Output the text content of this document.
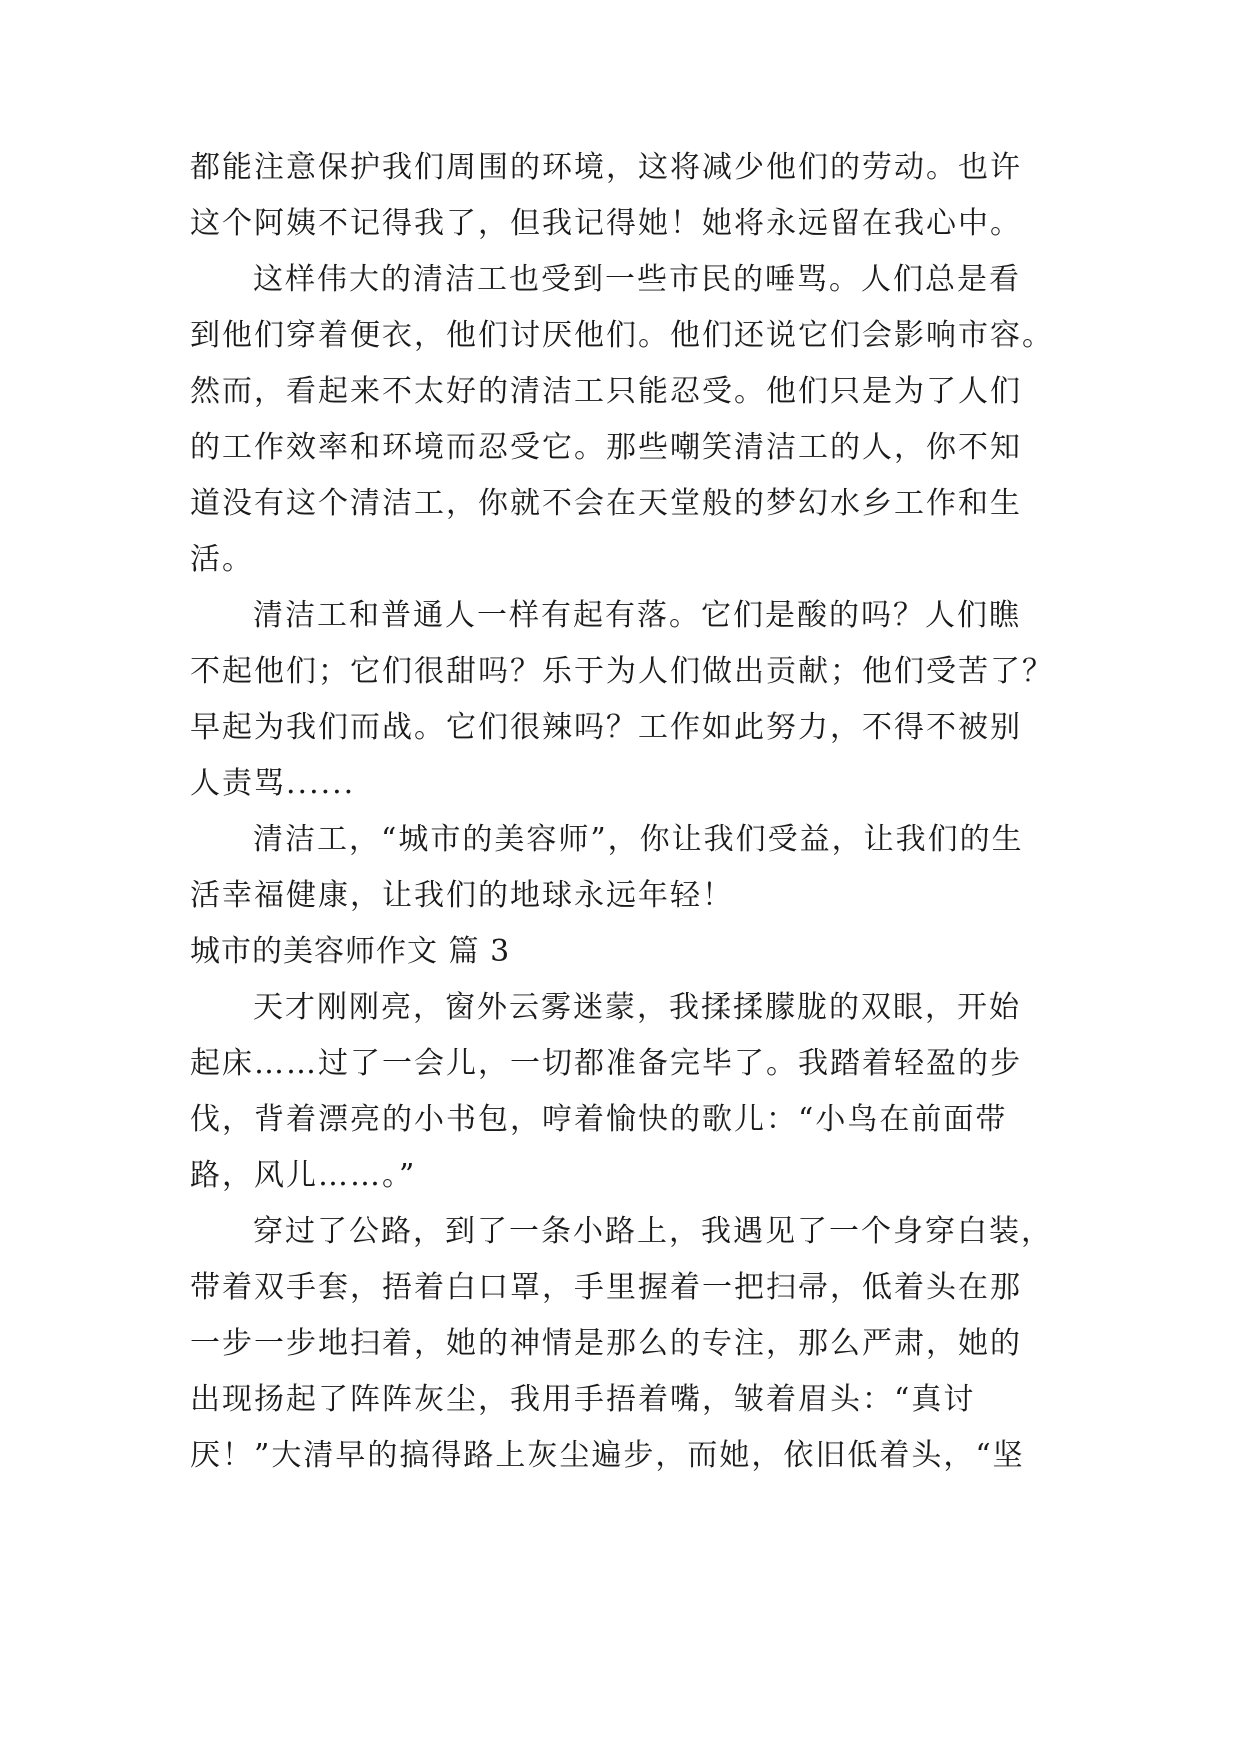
都能注意保护我们周围的环境，这将减少他们的劳动。也许
这个阿姨不记得我了，但我记得她！她将永远留在我心中。
这样伟大的清洁工也受到一些市民的唾骂。人们总是看
到他们穿着便衣，他们讨厌他们。他们还说它们会影响市容。
然而，看起来不太好的清洁工只能忍受。他们只是为了人们
的工作效率和环境而忍受它。那些嘲笑清洁工的人，你不知
道没有这个清洁工，你就不会在天堂般的梦幻水乡工作和生
活。
清洁工和普通人一样有起有落。它们是酸的吗？人们瞧
不起他们；它们很甜吗？乐于为人们做出贡献；他们受苦了？
早起为我们而战。它们很辣吗？工作如此努力，不得不被别
人责骂......
清洁工，“城市的美容师”，你让我们受益，让我们的生
活幸福健康，让我们的地球永远年轻！
城市的美容师作文 篇 3
天才刚刚亮，窗外云雾迷蒙，我揉揉朦胧的双眼，开始
起床……过了一会儿，一切都准备完毕了。我踏着轻盈的步
伐，背着漂亮的小书包，哼着愉快的歌儿：“小鸟在前面带
路，风儿……。”
穿过了公路，到了一条小路上，我遇见了一个身穿白装，
带着双手套，捂着白口罩，手里握着一把扫帚，低着头在那
一步一步地扫着，她的神情是那么的专注，那么严肃，她的
出现扬起了阵阵灰尘，我用手捂着嘴，皱着眉头：“真讨
厌！”大清早的搞得路上灰尘遍步，而她，依旧低着头，“坚
